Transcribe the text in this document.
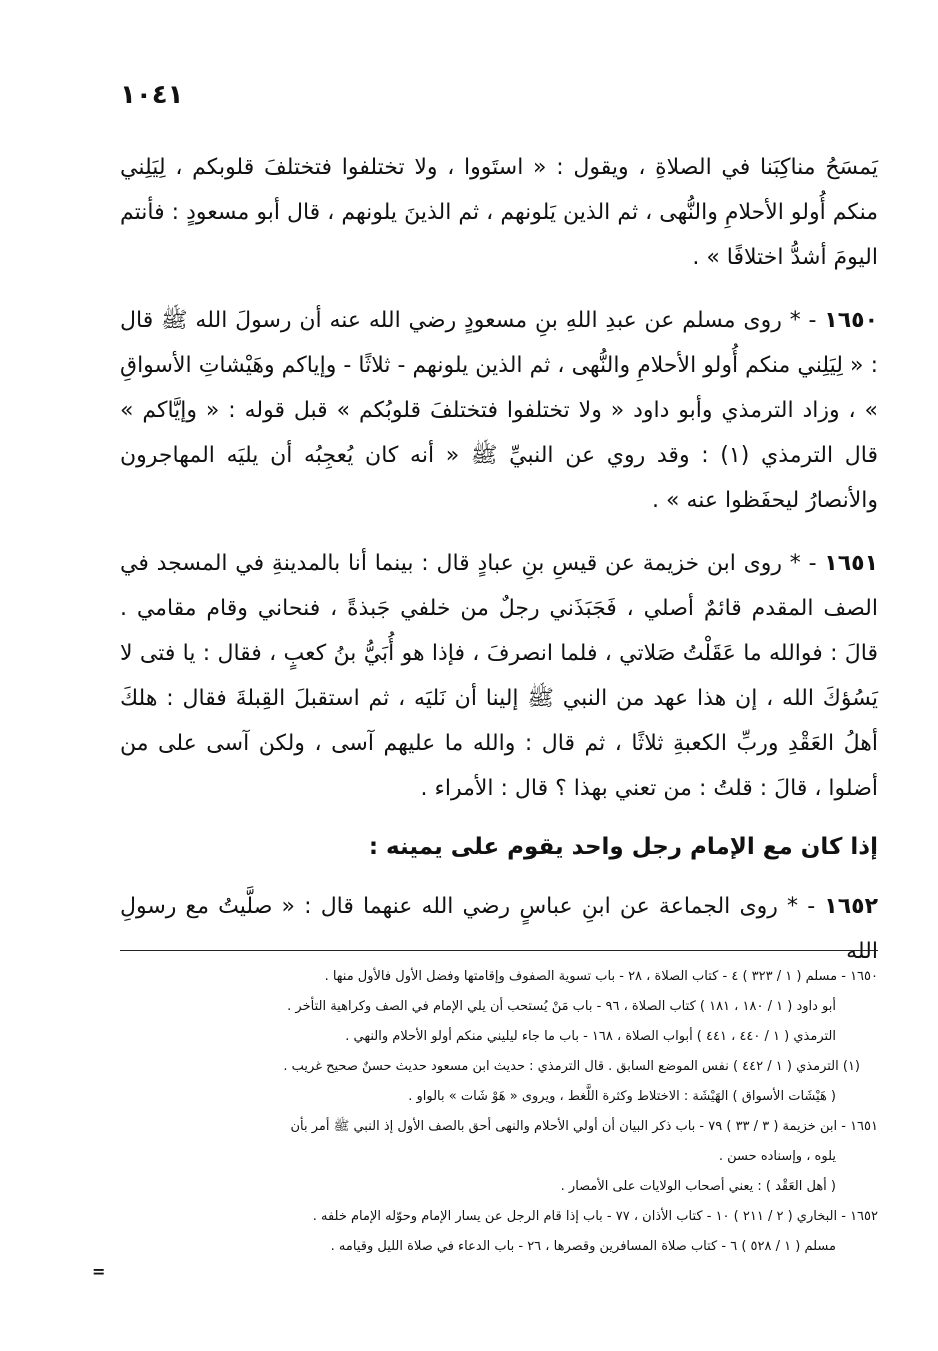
١٠٤١

يَمسَحُ مناكِبَنا في الصلاةِ ، ويقول : « استَووا ، ولا تختلفوا فتختلفَ قلوبكم ، لِيَلِني منكم أُولو الأحلامِ والنُّهى ، ثم الذين يَلونهم ، ثم الذينَ يلونهم ، قال أبو مسعودٍ : فأنتم اليومَ أشدُّ اختلافًا » .

١٦٥٠ - * روى مسلم عن عبدِ اللهِ بنِ مسعودٍ رضي الله عنه أن رسولَ الله ﷺ قال : « لِيَلِني منكم أُولو الأحلامِ والنُّهى ، ثم الذين يلونهم - ثلاثًا - وإياكم وهَيْشاتِ الأسواقِ » ، وزاد الترمذي وأبو داود « ولا تختلفوا فتختلفَ قلوبُكم » قبل قوله : « وإيَّاكم » قال الترمذي (١) : وقد روي عن النبيِّ ﷺ « أنه كان يُعجِبُه أن يليَه المهاجرون والأنصارُ ليحفَظوا عنه » .

١٦٥١ - * روى ابن خزيمة عن قيسِ بنِ عبادٍ قال : بينما أنا بالمدينةِ في المسجد في الصف المقدم قائمٌ أصلي ، فَجَبَذَني رجلٌ من خلفي جَبذةً ، فنحاني وقام مقامي . قالَ : فوالله ما عَقَلْتُ صَلاتي ، فلما انصرفَ ، فإذا هو أُبَيُّ بنُ كعبٍ ، فقال : يا فتى لا يَسُؤكَ الله ، إن هذا عهد من النبي ﷺ إلينا أن نَليَه ، ثم استقبلَ القِبلةَ فقال : هلكَ أهلُ العَقْدِ وربِّ الكعبةِ ثلاثًا ، ثم قال : والله ما عليهم آسى ، ولكن آسى على من أضلوا ، قالَ : قلتُ : من تعني بهذا ؟ قال : الأمراء .

إذا كان مع الإمام رجل واحد يقوم على يمينه :

١٦٥٢ - * روى الجماعة عن ابنِ عباسٍ رضي الله عنهما قال : « صلَّيتُ مع رسولِ الله

١٦٥٠ - مسلم ( ١ / ٣٢٣ ) ٤ - كتاب الصلاة ، ٢٨ - باب تسوية الصفوف وإقامتها وفضل الأول فالأول منها .
أبو داود ( ١ / ١٨٠ ، ١٨١ ) كتاب الصلاة ، ٩٦ - باب مَنْ يُستحب أن يلي الإمام في الصف وكراهية التأخر .
الترمذي ( ١ / ٤٤٠ ، ٤٤١ ) أبواب الصلاة ، ١٦٨ - باب ما جاء ليليني منكم أولو الأحلام والنهي .
(١) الترمذي ( ١ / ٤٤٢ ) نفس الموضع السابق . قال الترمذي : حديث ابن مسعود حديث حسنٌ صحيح غريب .
( هَيْشَات الأسواق ) الهَيْشَة : الاختلاط وكثرة اللَّغط ، ويروى « هَوْ شَات » بالواو .
١٦٥١ - ابن خزيمة ( ٣ / ٣٣ ) ٧٩ - باب ذكر البيان أن أولي الأحلام والنهى أحق بالصف الأول إذ النبي ﷺ أمر بأن
يلوه ، وإسناده حسن .
( أهل العَقْد ) : يعني أصحاب الولايات على الأمصار .
١٦٥٢ - البخاري ( ٢ / ٢١١ ) ١٠ - كتاب الأذان ، ٧٧ - باب إذا قام الرجل عن يسار الإمام وحوّله الإمام خلفه .
مسلم ( ١ / ٥٢٨ ) ٦ - كتاب صلاة المسافرين وقصرها ، ٢٦ - باب الدعاء في صلاة الليل وقيامه .
=
